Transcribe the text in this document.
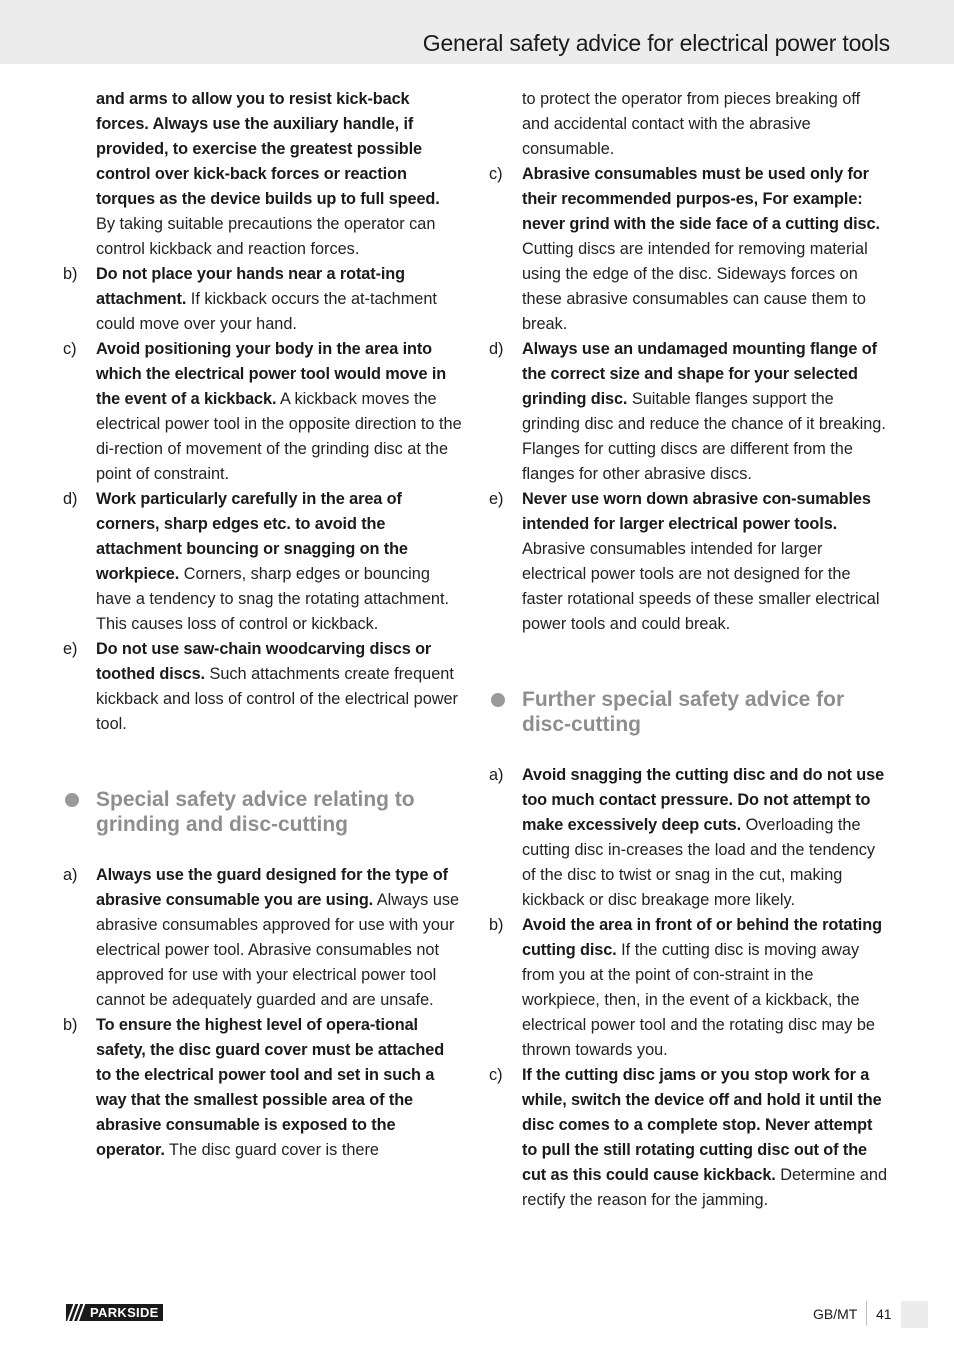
General safety advice for electrical power tools
and arms to allow you to resist kick-back forces. Always use the auxiliary handle, if provided, to exercise the greatest possible control over kick-back forces or reaction torques as the device builds up to full speed. By taking suitable precautions the operator can control kickback and reaction forces.
b) Do not place your hands near a rotat-ing attachment. If kickback occurs the at-tachment could move over your hand.
c) Avoid positioning your body in the area into which the electrical power tool would move in the event of a kickback. A kickback moves the electrical power tool in the opposite direction to the di-rection of movement of the grinding disc at the point of constraint.
d) Work particularly carefully in the area of corners, sharp edges etc. to avoid the attachment bouncing or snagging on the workpiece. Corners, sharp edges or bouncing have a tendency to snag the rotating attachment. This causes loss of control or kickback.
e) Do not use saw-chain woodcarving discs or toothed discs. Such attachments create frequent kickback and loss of control of the electrical power tool.
Special safety advice relating to grinding and disc-cutting
a) Always use the guard designed for the type of abrasive consumable you are using. Always use abrasive consumables approved for use with your electrical power tool. Abrasive consumables not approved for use with your electrical power tool cannot be adequately guarded and are unsafe.
b) To ensure the highest level of opera-tional safety, the disc guard cover must be attached to the electrical power tool and set in such a way that the smallest possible area of the abrasive consumable is exposed to the operator. The disc guard cover is there
to protect the operator from pieces breaking off and accidental contact with the abrasive consumable.
c) Abrasive consumables must be used only for their recommended purpos-es, For example: never grind with the side face of a cutting disc. Cutting discs are intended for removing material using the edge of the disc. Sideways forces on these abrasive consumables can cause them to break.
d) Always use an undamaged mounting flange of the correct size and shape for your selected grinding disc. Suitable flanges support the grinding disc and reduce the chance of it breaking. Flanges for cutting discs are different from the flanges for other abrasive discs.
e) Never use worn down abrasive con-sumables intended for larger electrical power tools. Abrasive consumables intended for larger electrical power tools are not designed for the faster rotational speeds of these smaller electrical power tools and could break.
Further special safety advice for disc-cutting
a) Avoid snagging the cutting disc and do not use too much contact pressure. Do not attempt to make excessively deep cuts. Overloading the cutting disc in-creases the load and the tendency of the disc to twist or snag in the cut, making kickback or disc breakage more likely.
b) Avoid the area in front of or behind the rotating cutting disc. If the cutting disc is moving away from you at the point of con-straint in the workpiece, then, in the event of a kickback, the electrical power tool and the rotating disc may be thrown towards you.
c) If the cutting disc jams or you stop work for a while, switch the device off and hold it until the disc comes to a complete stop. Never attempt to pull the still rotating cutting disc out of the cut as this could cause kickback. Determine and rectify the reason for the jamming.
PARKSIDE	GB/MT 41
